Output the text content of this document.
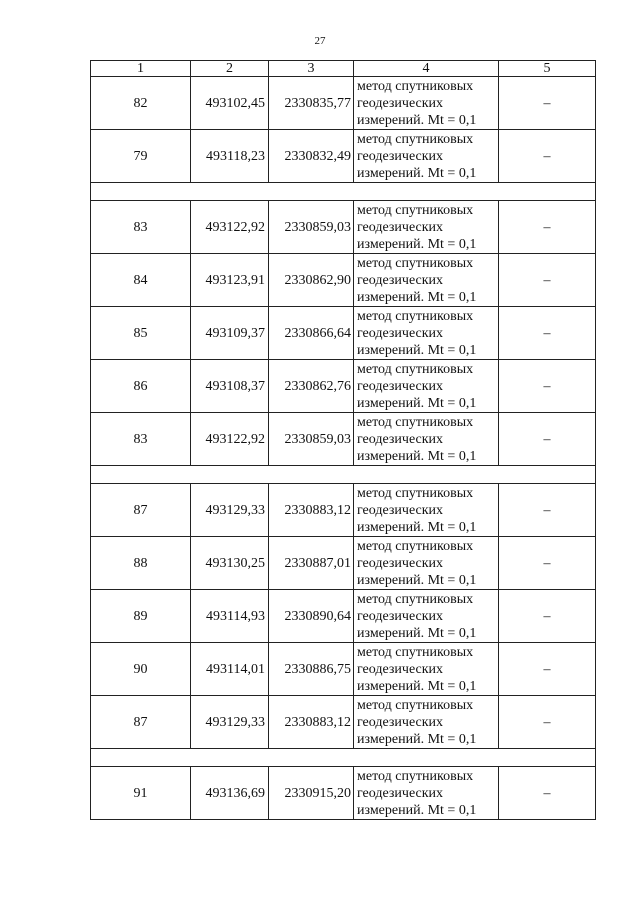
27
1	2	3	4	5
82	493102,45	2330835,77	метод спутниковых
геодезических
измерений. Mt = 0,1	–
79	493118,23	2330832,49	метод спутниковых
геодезических
измерений. Mt = 0,1	–

83	493122,92	2330859,03	метод спутниковых
геодезических
измерений. Mt = 0,1	–
84	493123,91	2330862,90	метод спутниковых
геодезических
измерений. Mt = 0,1	–
85	493109,37	2330866,64	метод спутниковых
геодезических
измерений. Mt = 0,1	–
86	493108,37	2330862,76	метод спутниковых
геодезических
измерений. Mt = 0,1	–
83	493122,92	2330859,03	метод спутниковых
геодезических
измерений. Mt = 0,1	–

87	493129,33	2330883,12	метод спутниковых
геодезических
измерений. Mt = 0,1	–
88	493130,25	2330887,01	метод спутниковых
геодезических
измерений. Mt = 0,1	–
89	493114,93	2330890,64	метод спутниковых
геодезических
измерений. Mt = 0,1	–
90	493114,01	2330886,75	метод спутниковых
геодезических
измерений. Mt = 0,1	–
87	493129,33	2330883,12	метод спутниковых
геодезических
измерений. Mt = 0,1	–

91	493136,69	2330915,20	метод спутниковых
геодезических
измерений. Mt = 0,1	–
